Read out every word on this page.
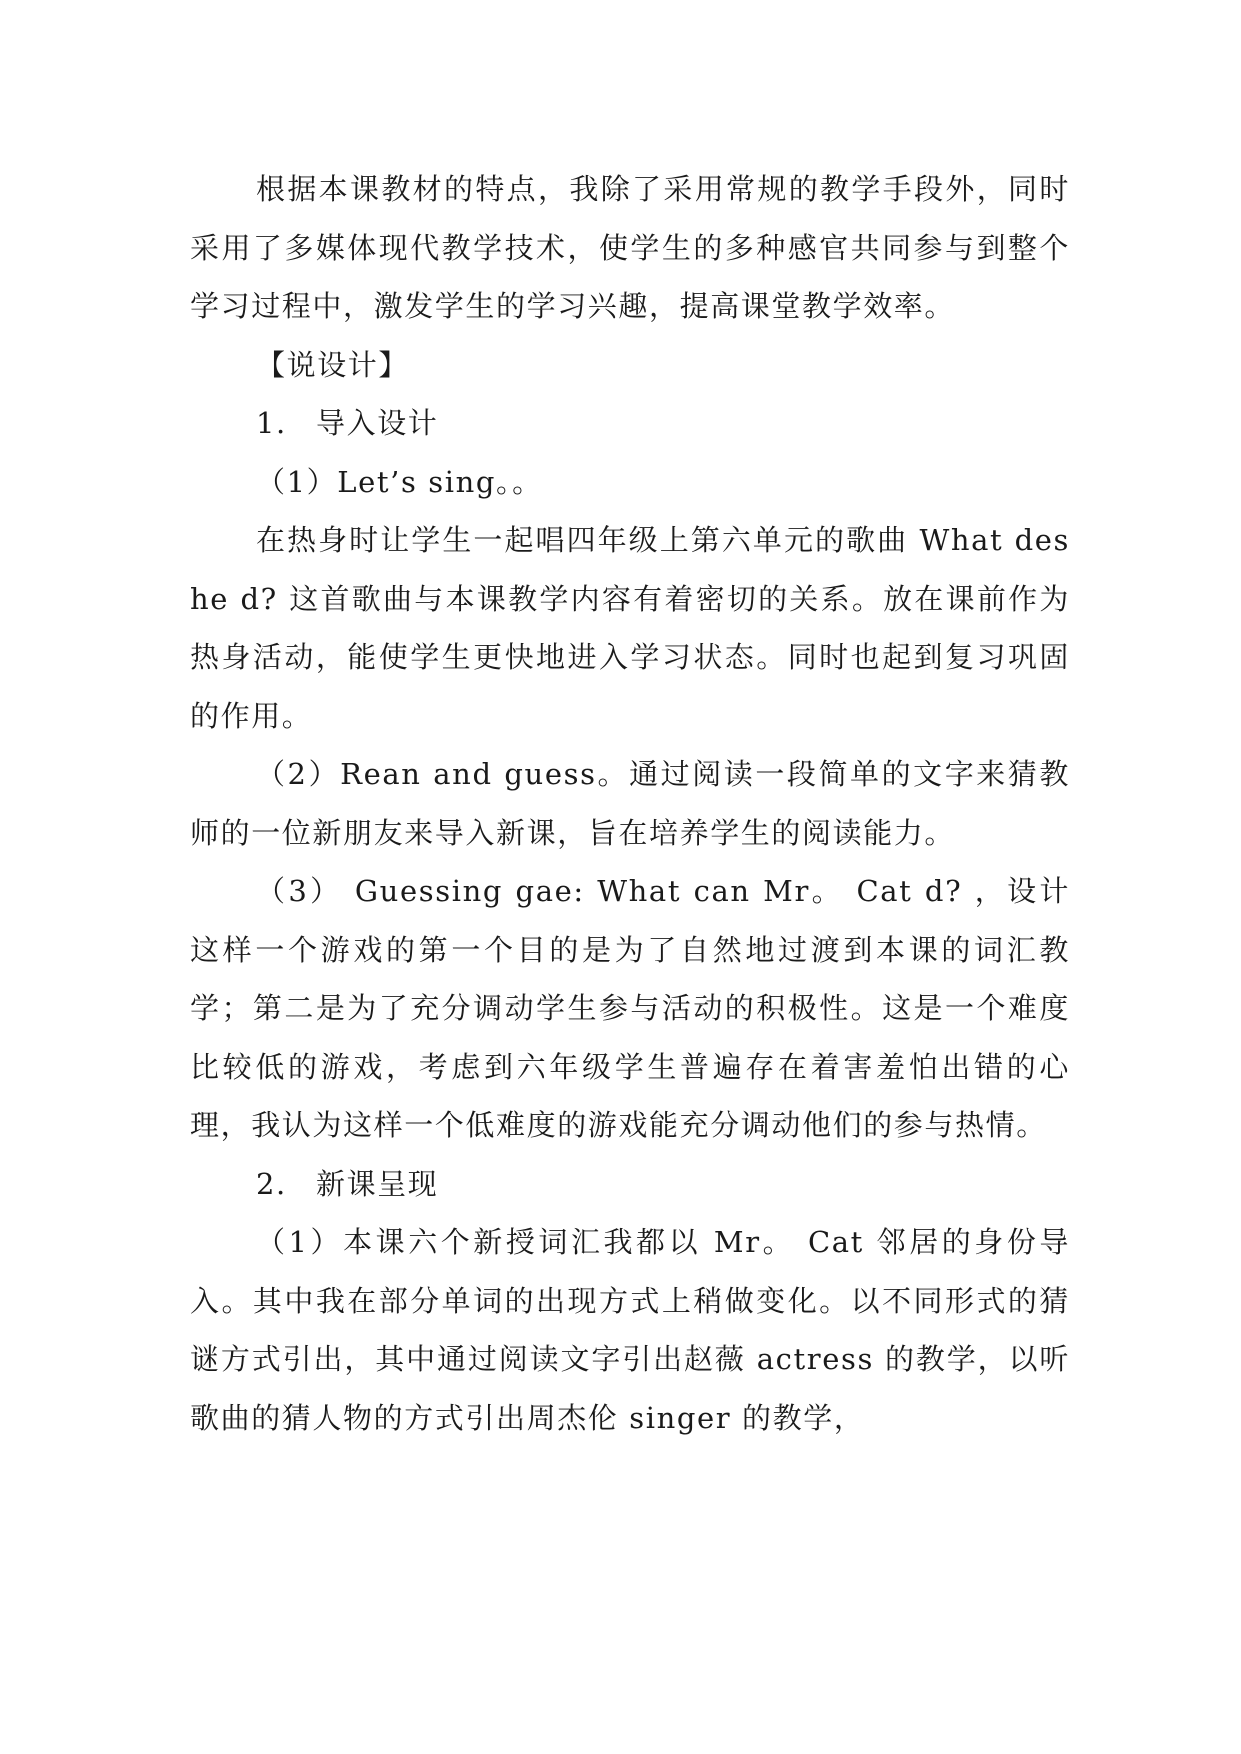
根据本课教材的特点，我除了采用常规的教学手段外，同时采用了多媒体现代教学技术，使学生的多种感官共同参与到整个学习过程中，激发学生的学习兴趣，提高课堂教学效率。

【说设计】

1. 导入设计

（1）Let’s sing。。

在热身时让学生一起唱四年级上第六单元的歌曲 What des he d? 这首歌曲与本课教学内容有着密切的关系。放在课前作为热身活动，能使学生更快地进入学习状态。同时也起到复习巩固的作用。

（2）Rean and guess。通过阅读一段简单的文字来猜教师的一位新朋友来导入新课，旨在培养学生的阅读能力。

（3） Guessing gae: What can Mr。 Cat d? ，设计这样一个游戏的第一个目的是为了自然地过渡到本课的词汇教学；第二是为了充分调动学生参与活动的积极性。这是一个难度比较低的游戏，考虑到六年级学生普遍存在着害羞怕出错的心理，我认为这样一个低难度的游戏能充分调动他们的参与热情。

2. 新课呈现

（1）本课六个新授词汇我都以 Mr。 Cat 邻居的身份导入。其中我在部分单词的出现方式上稍做变化。以不同形式的猜谜方式引出，其中通过阅读文字引出赵薇 actress 的教学，以听歌曲的猜人物的方式引出周杰伦 singer 的教学，
